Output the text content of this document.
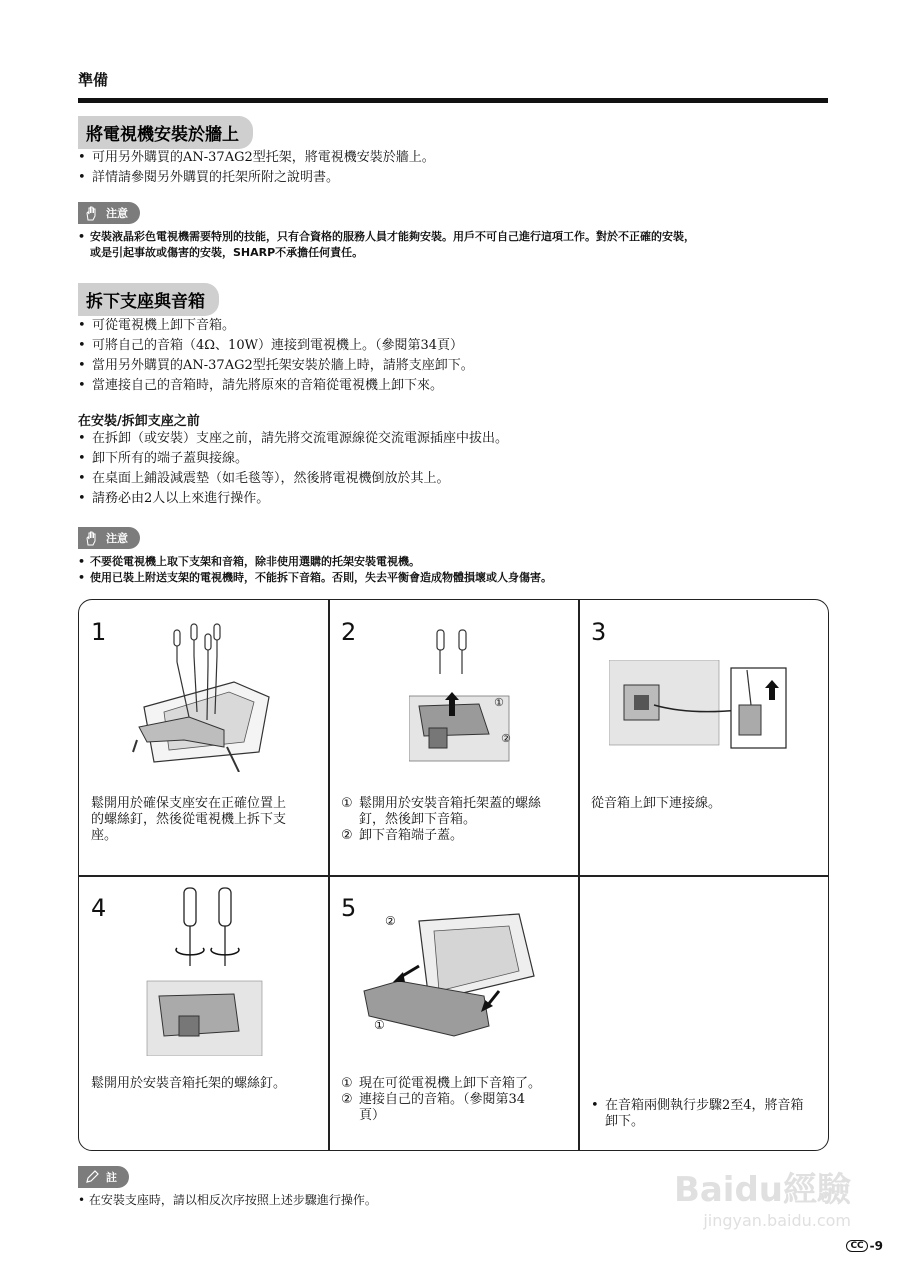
準備
將電視機安裝於牆上
• 可用另外購買的AN-37AG2型托架，將電視機安裝於牆上。
• 詳情請參閱另外購買的托架所附之說明書。
注意
• 安裝液晶彩色電視機需要特別的技能，只有合資格的服務人員才能夠安裝。用戶不可自己進行這項工作。對於不正確的安裝，
或是引起事故或傷害的安裝，SHARP不承擔任何責任。
拆下支座與音箱
• 可從電視機上卸下音箱。
• 可將自己的音箱（4Ω、10W）連接到電視機上。（參閱第34頁）
• 當用另外購買的AN-37AG2型托架安裝於牆上時，請將支座卸下。
• 當連接自己的音箱時，請先將原來的音箱從電視機上卸下來。
在安裝/拆卸支座之前
• 在拆卸（或安裝）支座之前，請先將交流電源線從交流電源插座中拔出。
• 卸下所有的端子蓋與接線。
• 在桌面上鋪設減震墊（如毛毯等），然後將電視機倒放於其上。
• 請務必由2人以上來進行操作。
注意
• 不要從電視機上取下支架和音箱，除非使用選購的托架安裝電視機。
• 使用已裝上附送支架的電視機時，不能拆下音箱。否則，失去平衡會造成物體損壞或人身傷害。
1
鬆開用於確保支座安在正確位置上
的螺絲釘，然後從電視機上拆下支
座。
2
①
②
① 鬆開用於安裝音箱托架蓋的螺絲
釘，然後卸下音箱。
② 卸下音箱端子蓋。
3
從音箱上卸下連接線。
4
鬆開用於安裝音箱托架的螺絲釘。
5 ②
①
① 現在可從電視機上卸下音箱了。
② 連接自己的音箱。（參閱第34
頁）
• 在音箱兩側執行步驟2至4，將音箱
卸下。
註
• 在安裝支座時，請以相反次序按照上述步驟進行操作。	Baidu經驗
jingyan.baidu.com
CC -9
